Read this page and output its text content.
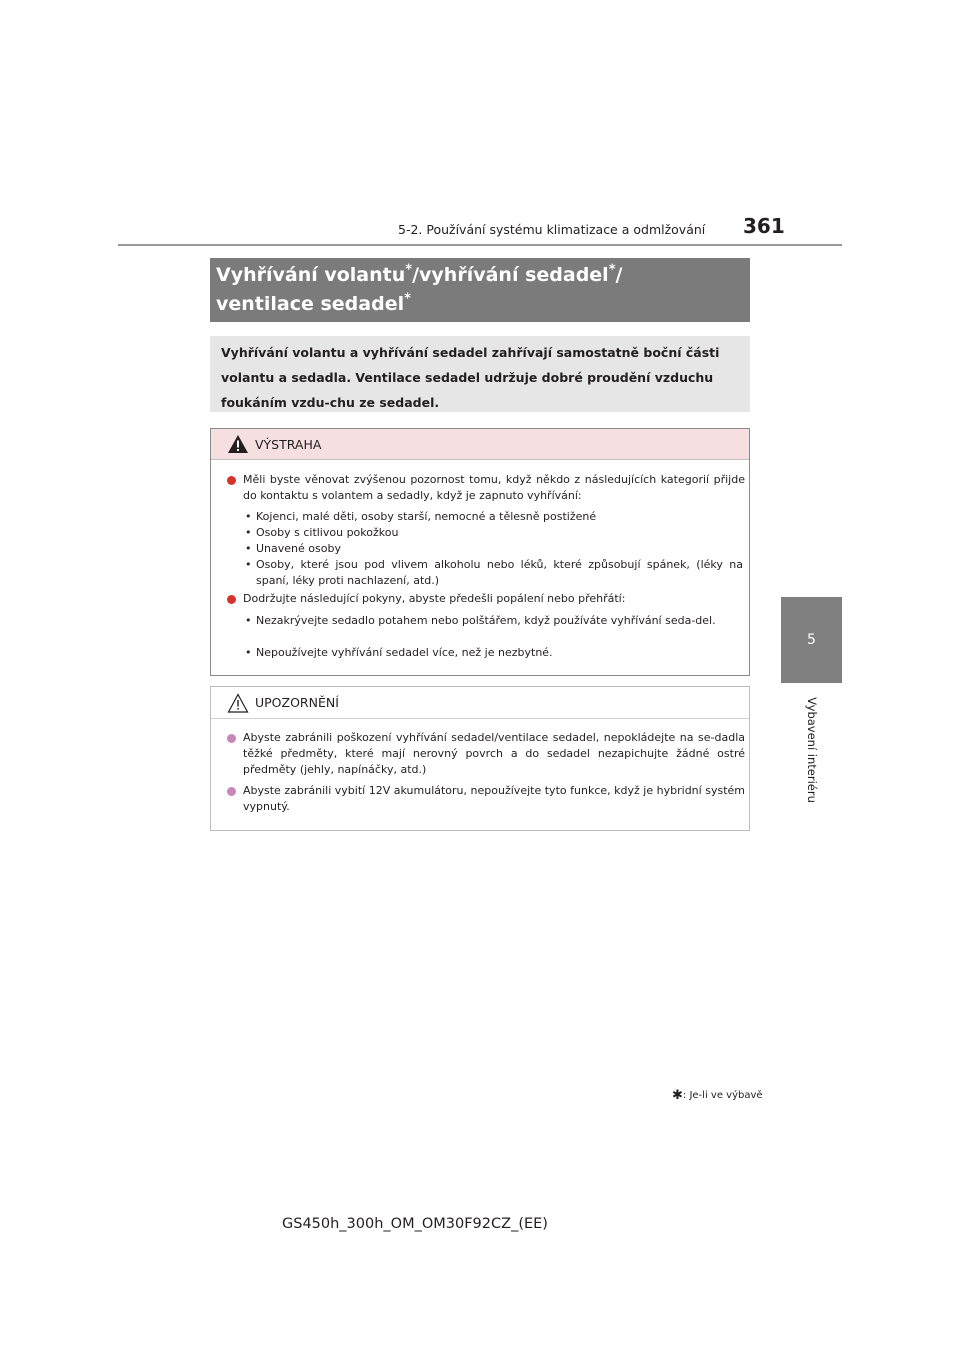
5-2. Používání systému klimatizace a odmlžování 361
5
Vybavení interiéru
Vyhřívání volantu*/vyhřívání sedadel*/
ventilace sedadel*
Vyhřívání volantu a vyhřívání sedadel zahřívají samostatně boční části volantu a sedadla. Ventilace sedadel udržuje dobré proudění vzduchu foukáním vzdu-chu ze sedadel.
VÝSTRAHA
Měli byste věnovat zvýšenou pozornost tomu, když někdo z následujících kategorií přijde do kontaktu s volantem a sedadly, když je zapnuto vyhřívání:
• Kojenci, malé děti, osoby starší, nemocné a tělesně postižené
• Osoby s citlivou pokožkou
• Unavené osoby
• Osoby, které jsou pod vlivem alkoholu nebo léků, které způsobují spánek, (léky na spaní, léky proti nachlazení, atd.)
Dodržujte následující pokyny, abyste předešli popálení nebo přehřátí:
• Nezakrývejte sedadlo potahem nebo polštářem, když používáte vyhřívání seda-del.
• Nepoužívejte vyhřívání sedadel více, než je nezbytné.
UPOZORNĚNÍ
Abyste zabránili poškození vyhřívání sedadel/ventilace sedadel, nepokládejte na se-dadla těžké předměty, které mají nerovný povrch a do sedadel nezapichujte žádné ostré předměty (jehly, napínáčky, atd.)
Abyste zabránili vybití 12V akumulátoru, nepoužívejte tyto funkce, když je hybridní systém vypnutý.
✱: Je-li ve výbavě
GS450h_300h_OM_OM30F92CZ_(EE)
